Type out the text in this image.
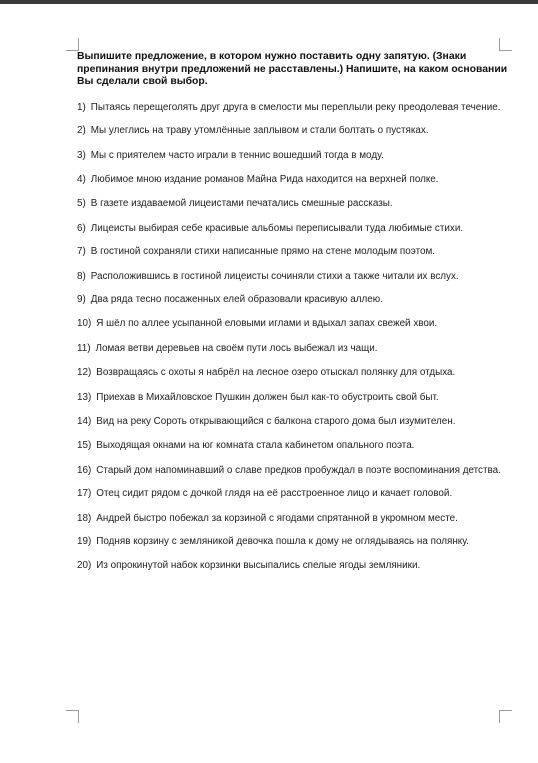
Выпишите предложение, в котором нужно поставить одну запятую. (Знаки препинания внутри предложений не расставлены.) Напишите, на каком основании Вы сделали свой выбор.

1) Пытаясь перещеголять друг друга в смелости мы переплыли реку преодолевая течение.
2) Мы улеглись на траву утомлённые заплывом и стали болтать о пустяках.
3) Мы с приятелем часто играли в теннис вошедший тогда в моду.
4) Любимое мною издание романов Майна Рида находится на верхней полке.
5) В газете издаваемой лицеистами печатались смешные рассказы.
6) Лицеисты выбирая себе красивые альбомы переписывали туда любимые стихи.
7) В гостиной сохраняли стихи написанные прямо на стене молодым поэтом.
8) Расположившись в гостиной лицеисты сочиняли стихи а также читали их вслух.
9) Два ряда тесно посаженных елей образовали красивую аллею.
10) Я шёл по аллее усыпанной еловыми иглами и вдыхал запах свежей хвои.
11) Ломая ветви деревьев на своём пути лось выбежал из чащи.
12) Возвращаясь с охоты я набрёл на лесное озеро отыскал полянку для отдыха.
13) Приехав в Михайловское Пушкин должен был как-то обустроить свой быт.
14) Вид на реку Сороть открывающийся с балкона старого дома был изумителен.
15) Выходящая окнами на юг комната стала кабинетом опального поэта.
16) Старый дом напоминавший о славе предков пробуждал в поэте воспоминания детства.
17) Отец сидит рядом с дочкой глядя на её расстроенное лицо и качает головой.
18) Андрей быстро побежал за корзиной с ягодами спрятанной в укромном месте.
19) Подняв корзину с земляникой девочка пошла к дому не оглядываясь на полянку.
20) Из опрокинутой набок корзинки высыпались спелые ягоды земляники.
